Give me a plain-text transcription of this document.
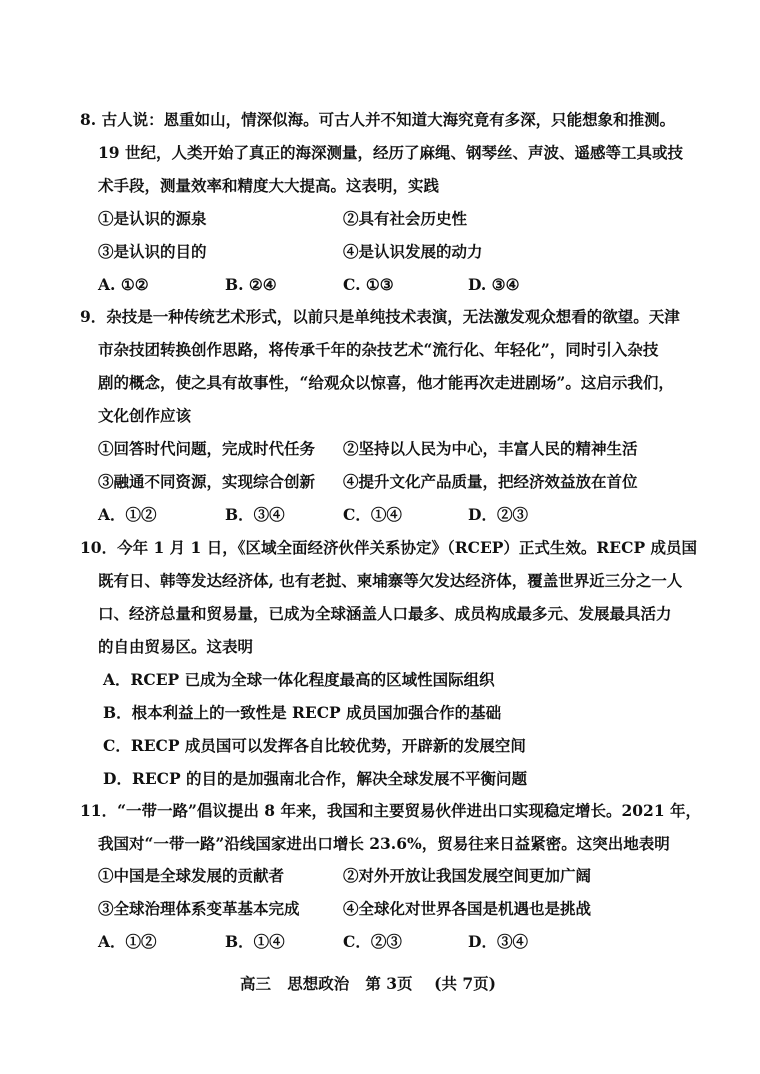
8. 古人说：恩重如山，情深似海。可古人并不知道大海究竟有多深，只能想象和推测。
19 世纪，人类开始了真正的海深测量，经历了麻绳、钢琴丝、声波、遥感等工具或技
术手段，测量效率和精度大大提高。这表明，实践
①是认识的源泉	②具有社会历史性
③是认识的目的	④是认识发展的动力
A. ①②	B. ②④	C. ①③	D. ③④
9．杂技是一种传统艺术形式，以前只是单纯技术表演，无法激发观众想看的欲望。天津
市杂技团转换创作思路，将传承千年的杂技艺术“流行化、年轻化”，同时引入杂技
剧的概念，使之具有故事性，“给观众以惊喜，他才能再次走进剧场”。这启示我们，
文化创作应该
①回答时代问题，完成时代任务 ②坚持以人民为中心，丰富人民的精神生活
③融通不同资源，实现综合创新 ④提升文化产品质量，把经济效益放在首位
A．①②	B．③④	C．①④	D．②③
10．今年 1 月 1 日，《区域全面经济伙伴关系协定》（RCEP）正式生效。RECP 成员国
既有日、韩等发达经济体, 也有老挝、柬埔寨等欠发达经济体，覆盖世界近三分之一人
口、经济总量和贸易量，已成为全球涵盖人口最多、成员构成最多元、发展最具活力
的自由贸易区。这表明
A．RCEP 已成为全球一体化程度最高的区域性国际组织
B．根本利益上的一致性是 RECP 成员国加强合作的基础
C．RECP 成员国可以发挥各自比较优势，开辟新的发展空间
D．RECP 的目的是加强南北合作，解决全球发展不平衡问题
11．“一带一路”倡议提出 8 年来，我国和主要贸易伙伴进出口实现稳定增长。2021 年，
我国对“一带一路”沿线国家进出口增长 23.6%，贸易往来日益紧密。这突出地表明
①中国是全球发展的贡献者	②对外开放让我国发展空间更加广阔
③全球治理体系变革基本完成	④全球化对世界各国是机遇也是挑战
A．①②	B．①④	C．②③	D．③④
高三   思想政治   第 3页    (共 7页)
